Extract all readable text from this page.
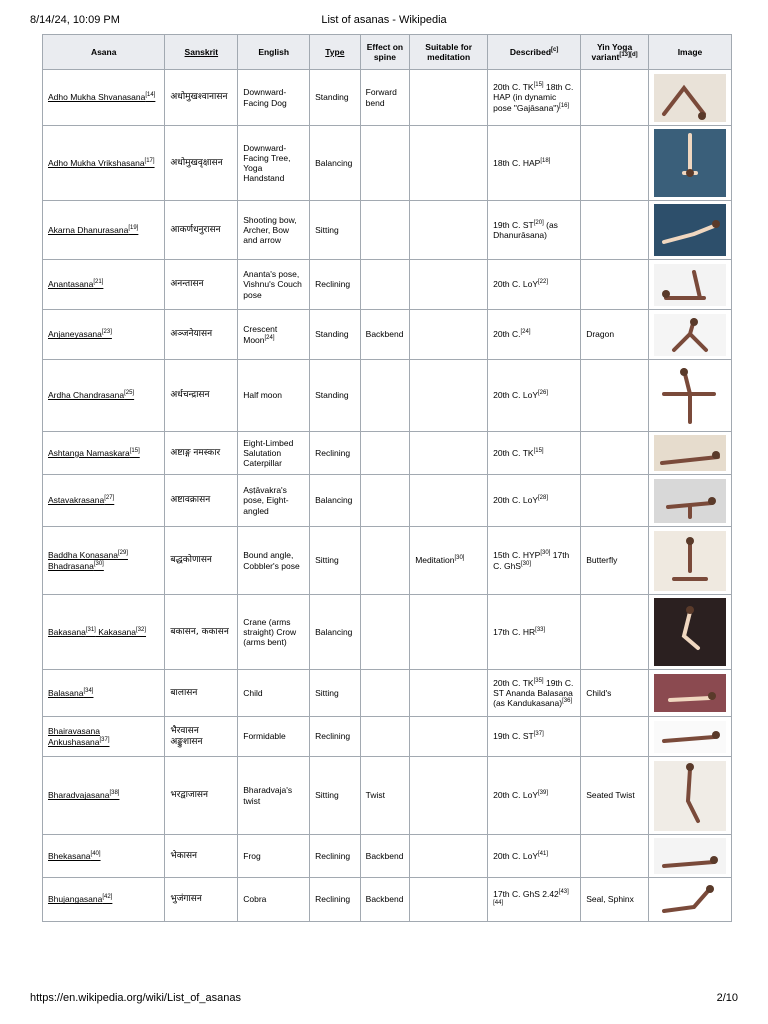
8/14/24, 10:09 PM	List of asanas - Wikipedia
Asana	Sanskrit	English	Type	Effect on spine	Suitable for meditation	Described[c]	Yin Yoga variant[13][d]	Image
Adho Mukha Shvanasana[14]	अधोमुखश्वानासन	Downward-Facing Dog	Standing	Forward bend		20th C. TK[15] 18th C. HAP (in dynamic pose "Gajāsana")[16]		

Adho Mukha Vrikshasana[17]	अधोमुखवृक्षासन	Downward-Facing Tree, Yoga Handstand	Balancing			18th C. HAP[18]		

Akarna Dhanurasana[19]	आकर्णधनुरासन	Shooting bow, Archer, Bow and arrow	Sitting			19th C. ST[20] (as Dhanurāsana)		

Anantasana[21]	अनन्तासन	Ananta's pose, Vishnu's Couch pose	Reclining			20th C. LoY[22]		

Anjaneyasana[23]	अञ्जनेयासन	Crescent Moon[24]	Standing	Backbend		20th C.[24]	Dragon	

Ardha Chandrasana[25]	अर्धचन्द्रासन	Half moon	Standing			20th C. LoY[26]		

Ashtanga Namaskara[15]	अष्टाङ्ग नमस्कार	Eight-Limbed Salutation Caterpillar	Reclining			20th C. TK[15]		

Astavakrasana[27]	अष्टावक्रासन	Aṣṭāvakra's pose, Eight-angled	Balancing			20th C. LoY[28]		

Baddha Konasana[29] Bhadrasana[30]	बद्धकोणासन	Bound angle, Cobbler's pose	Sitting		Meditation[30]	15th C. HYP[30] 17th C. GhS[30]	Butterfly	

Bakasana[31] Kakasana[32]	बकासन, ककासन	Crane (arms straight) Crow (arms bent)	Balancing			17th C. HR[33]		

Balasana[34]	बालासन	Child	Sitting			20th C. TK[35] 19th C. ST Ananda Balasana (as Kandukasana)[36]	Child's	

Bhairavasana Ankushasana[37]	भैरवासन अङ्कुशासन	Formidable	Reclining			19th C. ST[37]		

Bharadvajasana[38]	भरद्वाजासन	Bharadvaja's twist	Sitting	Twist		20th C. LoY[39]	Seated Twist	

Bhekasana[40]	भेकासन	Frog	Reclining	Backbend		20th C. LoY[41]		

Bhujangasana[42]	भुजंगासन	Cobra	Reclining	Backbend		17th C. GhS 2.42[43][44]	Seal, Sphinx	
https://en.wikipedia.org/wiki/List_of_asanas	2/10
